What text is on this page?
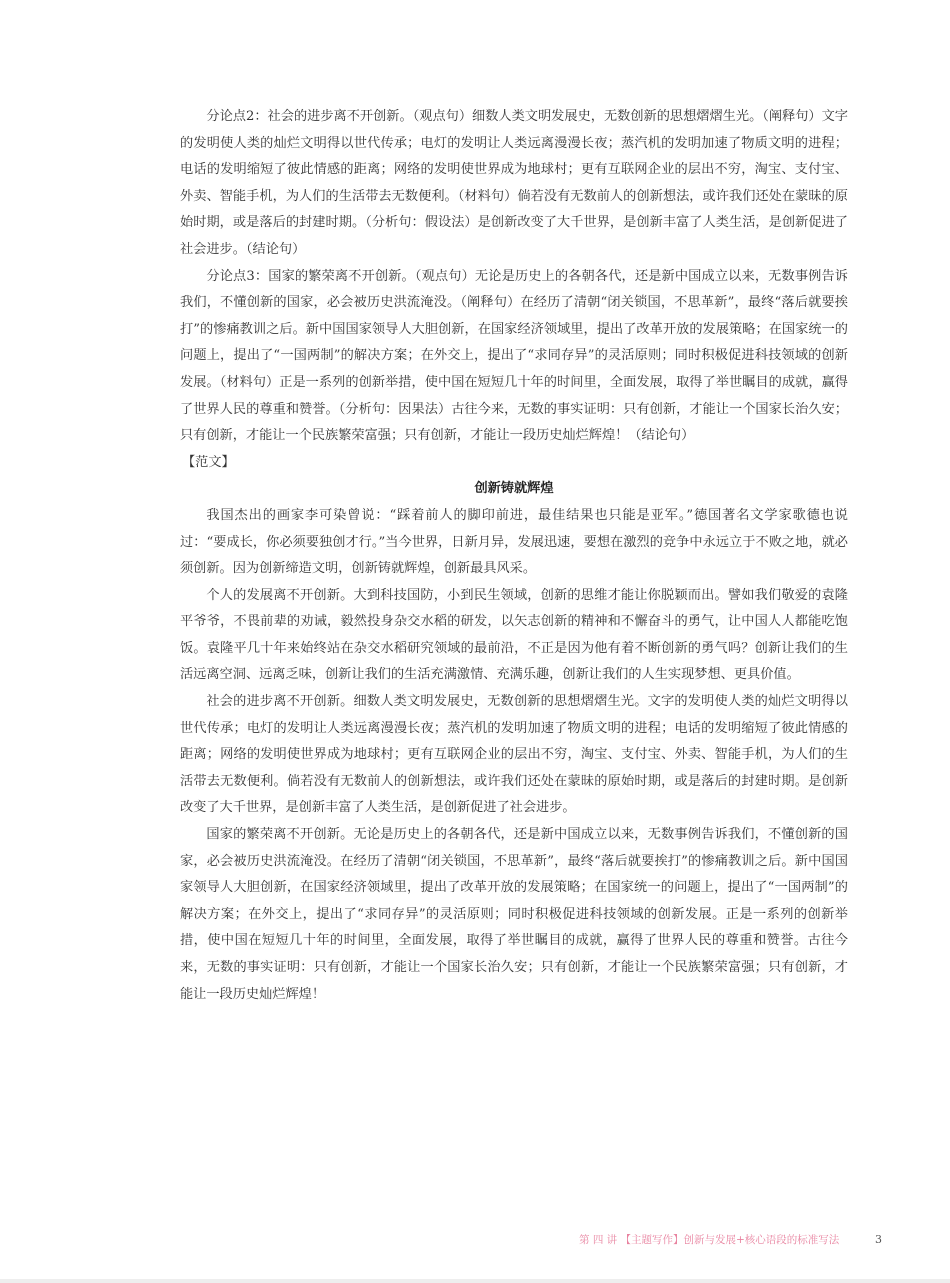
分论点2：社会的进步离不开创新。（观点句）细数人类文明发展史，无数创新的思想熠熠生光。（阐释句）文字的发明使人类的灿烂文明得以世代传承；电灯的发明让人类远离漫漫长夜；蒸汽机的发明加速了物质文明的进程；电话的发明缩短了彼此情感的距离；网络的发明使世界成为地球村；更有互联网企业的层出不穷，淘宝、支付宝、外卖、智能手机，为人们的生活带去无数便利。（材料句）倘若没有无数前人的创新想法，或许我们还处在蒙昧的原始时期，或是落后的封建时期。（分析句：假设法）是创新改变了大千世界，是创新丰富了人类生活，是创新促进了社会进步。（结论句）

分论点3：国家的繁荣离不开创新。（观点句）无论是历史上的各朝各代，还是新中国成立以来，无数事例告诉我们，不懂创新的国家，必会被历史洪流淹没。（阐释句）在经历了清朝“闭关锁国，不思革新”，最终“落后就要挨打”的惨痛教训之后。新中国国家领导人大胆创新，在国家经济领域里，提出了改革开放的发展策略；在国家统一的问题上，提出了“一国两制”的解决方案；在外交上，提出了“求同存异”的灵活原则；同时积极促进科技领域的创新发展。（材料句）正是一系列的创新举措，使中国在短短几十年的时间里，全面发展，取得了举世瞩目的成就，赢得了世界人民的尊重和赞誉。（分析句：因果法）古往今来，无数的事实证明：只有创新，才能让一个国家长治久安；只有创新，才能让一个民族繁荣富强；只有创新，才能让一段历史灿烂辉煌！（结论句）

【范文】

创新铸就辉煌

我国杰出的画家李可染曾说：“踩着前人的脚印前进，最佳结果也只能是亚军。”德国著名文学家歌德也说过：“要成长，你必须要独创才行。”当今世界，日新月异，发展迅速，要想在激烈的竞争中永远立于不败之地，就必须创新。因为创新缔造文明，创新铸就辉煌，创新最具风采。

个人的发展离不开创新。大到科技国防，小到民生领域，创新的思维才能让你脱颖而出。譬如我们敬爱的袁隆平爷爷，不畏前辈的劝诫，毅然投身杂交水稻的研发，以矢志创新的精神和不懈奋斗的勇气，让中国人人都能吃饱饭。袁隆平几十年来始终站在杂交水稻研究领域的最前沿，不正是因为他有着不断创新的勇气吗？创新让我们的生活远离空洞、远离乏味，创新让我们的生活充满激情、充满乐趣，创新让我们的人生实现梦想、更具价值。

社会的进步离不开创新。细数人类文明发展史，无数创新的思想熠熠生光。文字的发明使人类的灿烂文明得以世代传承；电灯的发明让人类远离漫漫长夜；蒸汽机的发明加速了物质文明的进程；电话的发明缩短了彼此情感的距离；网络的发明使世界成为地球村；更有互联网企业的层出不穷，淘宝、支付宝、外卖、智能手机，为人们的生活带去无数便利。倘若没有无数前人的创新想法，或许我们还处在蒙昧的原始时期，或是落后的封建时期。是创新改变了大千世界，是创新丰富了人类生活，是创新促进了社会进步。

国家的繁荣离不开创新。无论是历史上的各朝各代，还是新中国成立以来，无数事例告诉我们，不懂创新的国家，必会被历史洪流淹没。在经历了清朝“闭关锁国，不思革新”，最终“落后就要挨打”的惨痛教训之后。新中国国家领导人大胆创新，在国家经济领域里，提出了改革开放的发展策略；在国家统一的问题上，提出了“一国两制”的解决方案；在外交上，提出了“求同存异”的灵活原则；同时积极促进科技领域的创新发展。正是一系列的创新举措，使中国在短短几十年的时间里，全面发展，取得了举世瞩目的成就，赢得了世界人民的尊重和赞誉。古往今来，无数的事实证明：只有创新，才能让一个国家长治久安；只有创新，才能让一个民族繁荣富强；只有创新，才能让一段历史灿烂辉煌！

第 四 讲 【主题写作】创新与发展+核心语段的标准写法	3
